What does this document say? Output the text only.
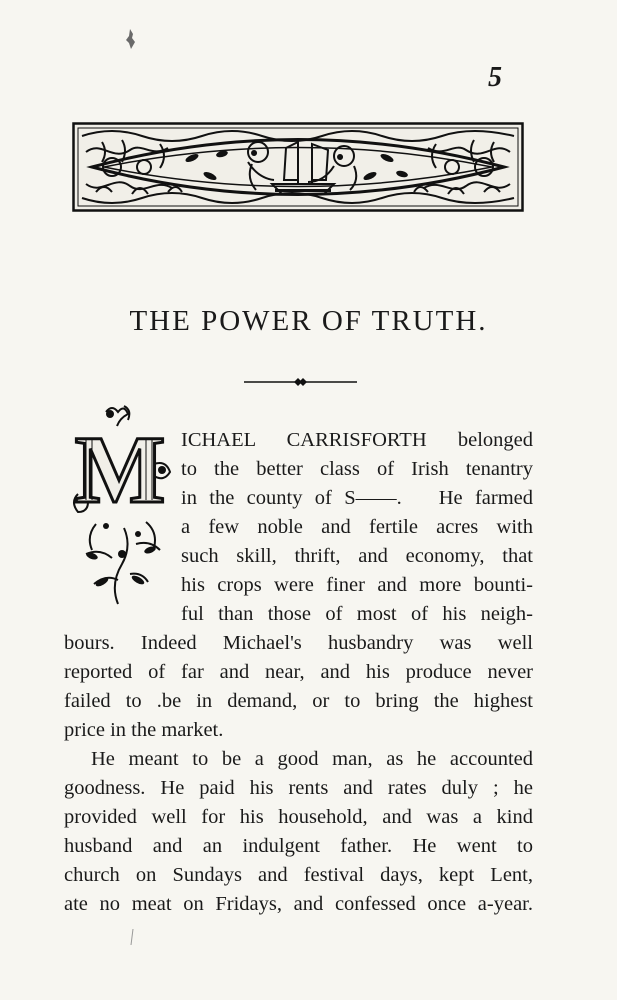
5
THE POWER OF TRUTH.
M ICHAEL CARRISFORTH belonged
to the better class of Irish tenantry
in the county of S——.   He farmed
a few noble and fertile acres with
such skill, thrift, and economy, that
his crops were finer and more bounti-
ful than those of most of his neigh-
bours. Indeed Michael's husbandry was well
reported of far and near, and his produce never
failed to .be in demand, or to bring the highest
price in the market.
He meant to be a good man, as he accounted
goodness. He paid his rents and rates duly ; he
provided well for his household, and was a kind
husband and an indulgent father. He went to
church on Sundays and festival days, kept Lent,
ate no meat on Fridays, and confessed once a-year.
